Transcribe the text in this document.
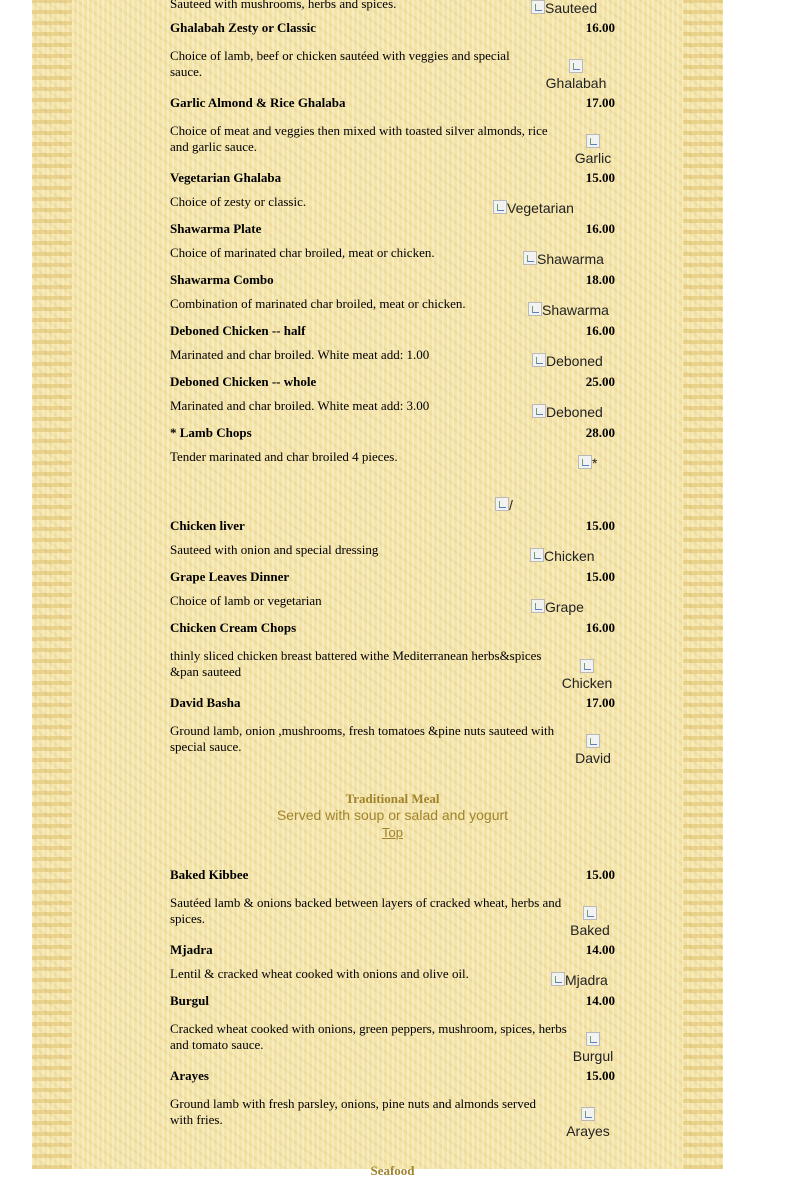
Sauteed with mushrooms, herbs and spices.	Sauteed
Ghalabah Zesty or Classic	16.00
Choice of lamb, beef or chicken sautéed with veggies and special sauce.

Ghalabah
Garlic Almond & Rice Ghalaba	17.00
Choice of meat and veggies then mixed with toasted silver almonds, rice and garlic sauce.

Garlic
Vegetarian Ghalaba	15.00
Choice of zesty or classic.	Vegetarian
Shawarma Plate	16.00
Choice of marinated char broiled, meat or chicken.	Shawarma
Shawarma Combo	18.00
Combination of marinated char broiled, meat or chicken.	Shawarma
Deboned Chicken -- half	16.00
Marinated and char broiled. White meat add: 1.00	Deboned
Deboned Chicken -- whole	25.00
Marinated and char broiled. White meat add: 3.00	Deboned
* Lamb Chops	28.00
Tender marinated and char broiled 4 pieces.	*
/
Chicken liver	15.00
Sauteed with onion and special dressing	Chicken
Grape Leaves Dinner	15.00
Choice of lamb or vegetarian	Grape
Chicken Cream Chops	16.00
thinly sliced chicken breast battered withe Mediterranean herbs&spices &pan sauteed

Chicken
David Basha	17.00
Ground lamb, onion ,mushrooms, fresh tomatoes &pine nuts sauteed with special sauce.

David
Traditional Meal
Served with soup or salad and yogurt
Top
Baked Kibbee	15.00
Sautéed lamb & onions backed between layers of cracked wheat, herbs and spices.

Baked
Mjadra	14.00
Lentil & cracked wheat cooked with onions and olive oil.	Mjadra
Burgul	14.00
Cracked wheat cooked with onions, green peppers, mushroom, spices, herbs and tomato sauce.

Burgul
Arayes	15.00
Ground lamb with fresh parsley, onions, pine nuts and almonds served with fries.

Arayes
Seafood
